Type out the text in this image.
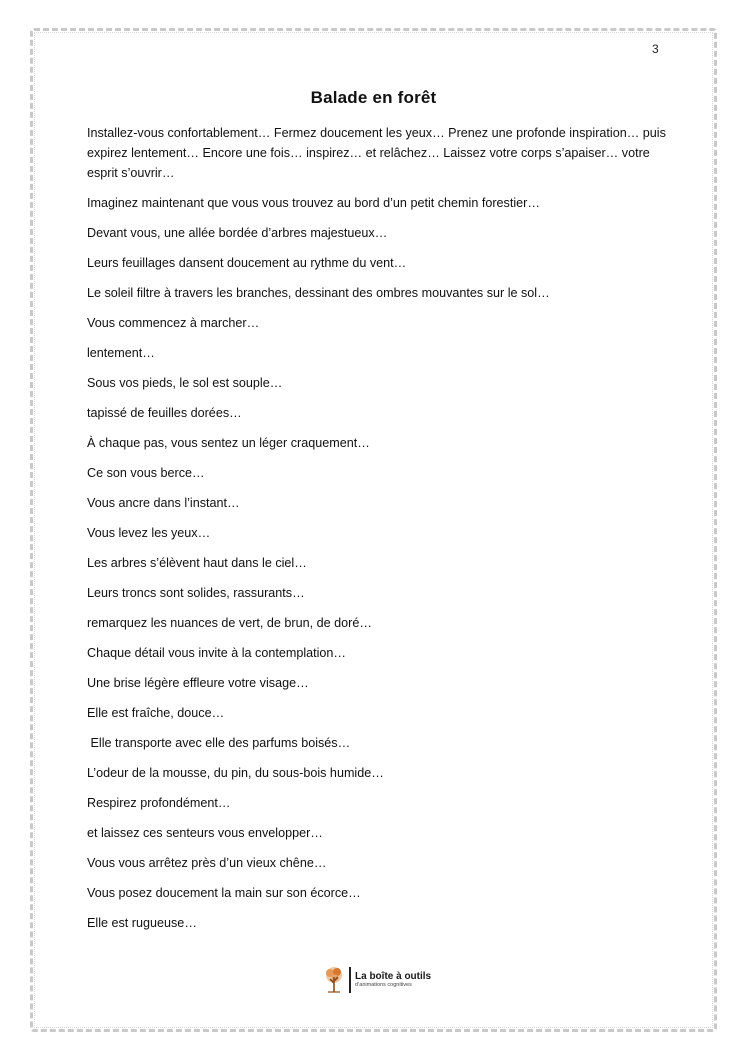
3
Balade en forêt

Installez-vous confortablement… Fermez doucement les yeux… Prenez une profonde inspiration… puis expirez lentement… Encore une fois… inspirez… et relâchez… Laissez votre corps s’apaiser… votre esprit s’ouvrir…

Imaginez maintenant que vous vous trouvez au bord d’un petit chemin forestier…

Devant vous, une allée bordée d’arbres majestueux…

Leurs feuillages dansent doucement au rythme du vent…

Le soleil filtre à travers les branches, dessinant des ombres mouvantes sur le sol…

Vous commencez à marcher…

lentement…

Sous vos pieds, le sol est souple…

tapissé de feuilles dorées…

À chaque pas, vous sentez un léger craquement…

Ce son vous berce…

Vous ancre dans l’instant…

Vous levez les yeux…

Les arbres s’élèvent haut dans le ciel…

Leurs troncs sont solides, rassurants…

remarquez les nuances de vert, de brun, de doré…

Chaque détail vous invite à la contemplation…

Une brise légère effleure votre visage…

Elle est fraîche, douce…

Elle transporte avec elle des parfums boisés…

L’odeur de la mousse, du pin, du sous-bois humide…

Respirez profondément…

et laissez ces senteurs vous envelopper…

Vous vous arrêtez près d’un vieux chêne…

Vous posez doucement la main sur son écorce…

Elle est rugueuse…

La boîte à outils
d’animations cognitives
